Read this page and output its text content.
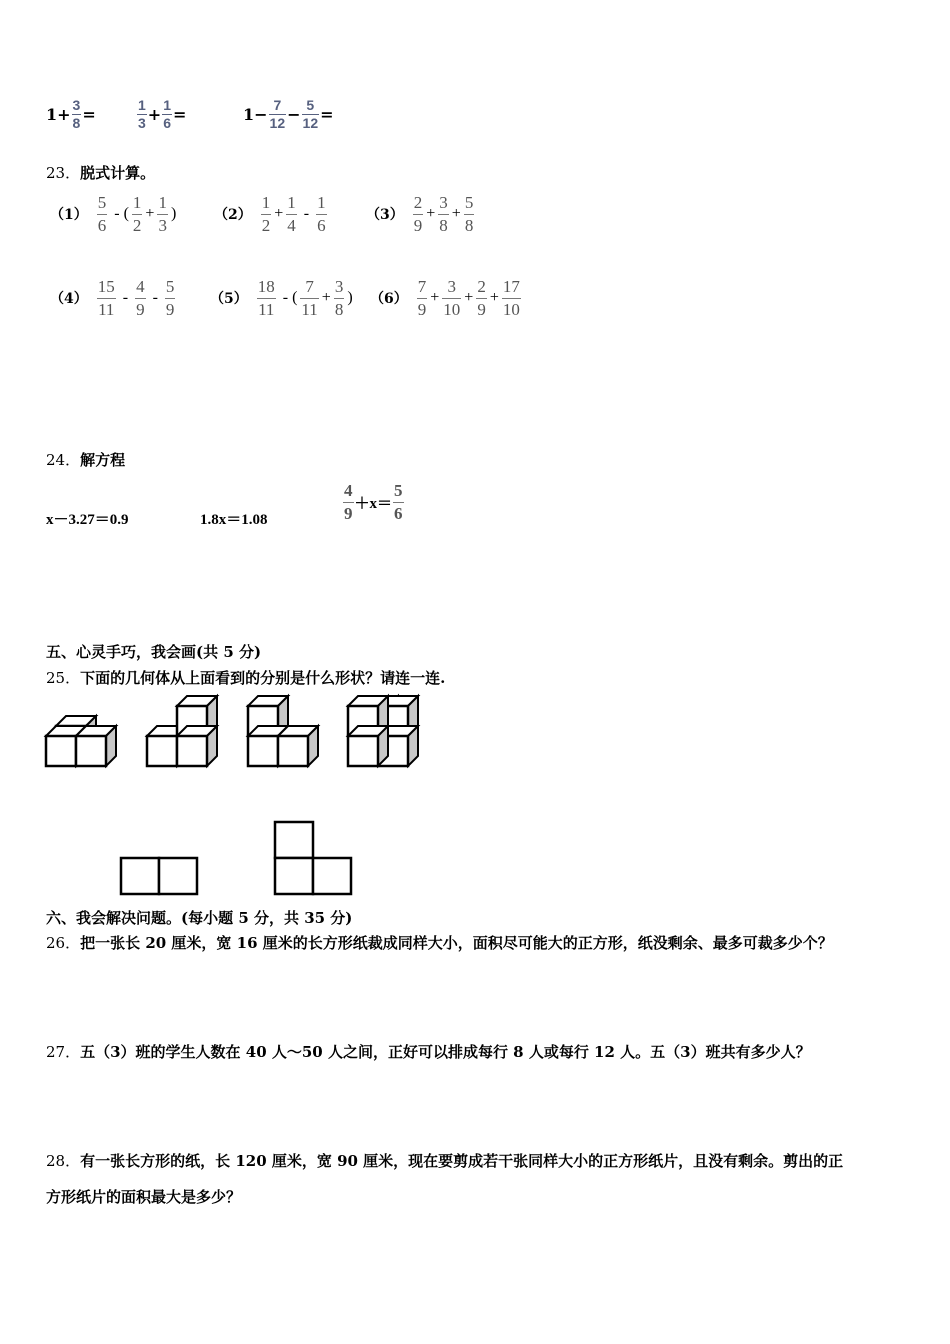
$1+ \frac{3}{8}$ =	$\frac{1}{3} + \frac{1}{6}$ =	$1- \frac{7}{12} - \frac{5}{12}$ =
23．脱式计算。
$(1) \frac{5}{6}$ - ( $\frac{1}{2} + \frac{1}{3}$ )	$(2) \frac{1}{2} + \frac{1}{4} - \frac{1}{6}$	$(3) \frac{2}{9} + \frac{3}{8} + \frac{5}{8}$
$(4) \frac{15}{11} - \frac{4}{9} - \frac{5}{9} (5) \frac{18}{11}$ - ( $\frac{7}{11} + \frac{3}{8}$ ) $(6) \frac{7}{9} + \frac{3}{10} + \frac{2}{9} + \frac{17}{10}$
24．解方程
x－3.27＝0.9	1.8x＝1.08	$\frac{4}{9} +x= \frac{5}{6}$
五、心灵手巧，我会画(共 5 分)
25．下面的几何体从上面看到的分别是什么形状？请连一连.
六、我会解决问题。(每小题 5 分，共 35 分)
26．把一张长 20 厘米，宽 16 厘米的长方形纸裁成同样大小，面积尽可能大的正方形，纸没剩余、最多可裁多少个？
27．五（3）班的学生人数在 40 人～50 人之间，正好可以排成每行 8 人或每行 12 人。五（3）班共有多少人？
28．有一张长方形的纸，长 120 厘米，宽 90 厘米，现在要剪成若干张同样大小的正方形纸片，且没有剩余。剪出的正
方形纸片的面积最大是多少？
